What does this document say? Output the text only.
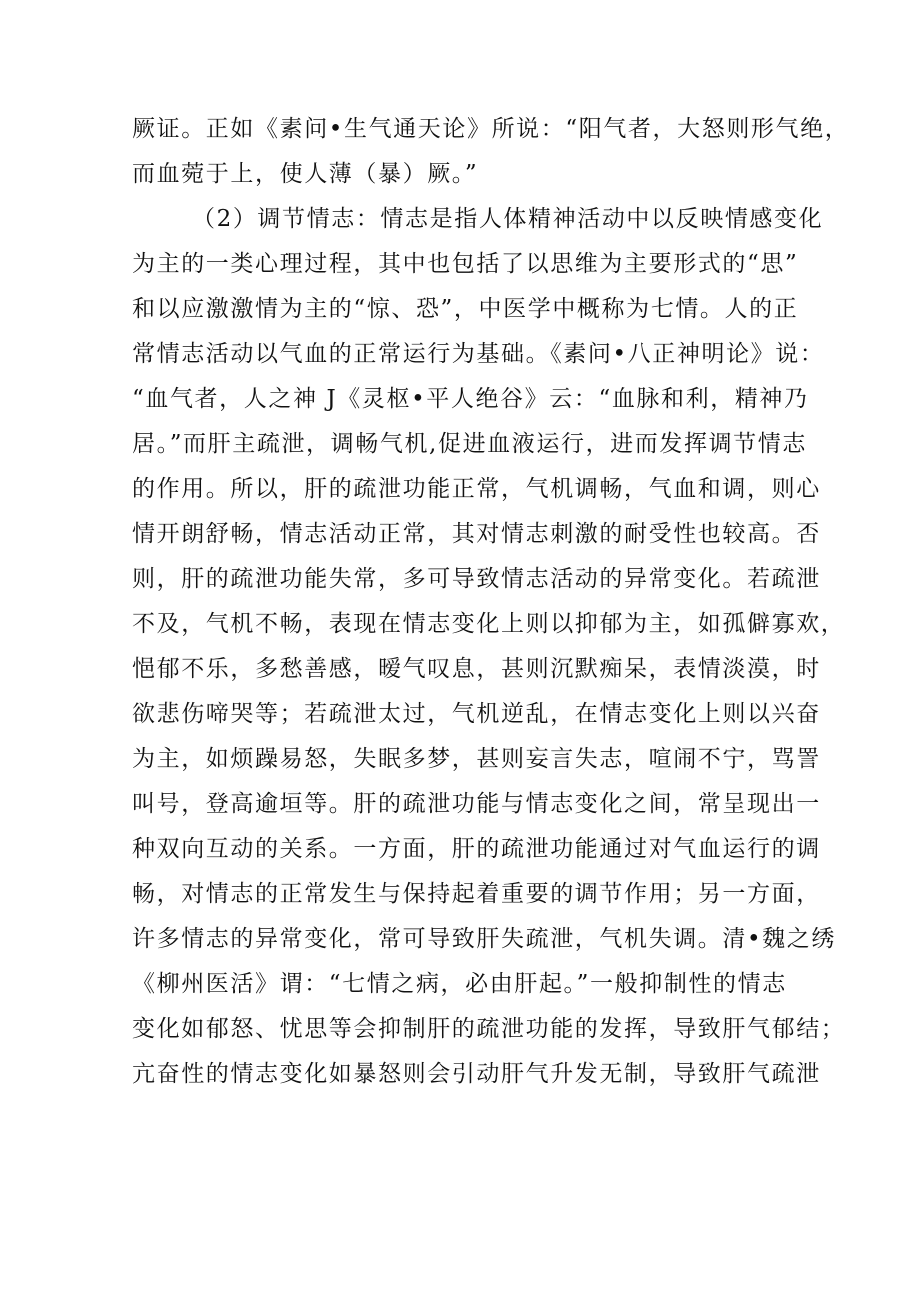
厥证。正如《素问•生气通天论》所说：“阳气者，大怒则形气绝，
而血菀于上，使人薄（暴）厥。”
（2）调节情志：情志是指人体精神活动中以反映情感变化
为主的一类心理过程，其中也包括了以思维为主要形式的“思”
和以应激激情为主的“惊、恐”，中医学中概称为七情。人的正
常情志活动以气血的正常运行为基础。《素问•八正神明论》说：
“血气者，人之神 J《灵枢•平人绝谷》云：“血脉和利，精神乃
居。”而肝主疏泄，调畅气机,促进血液运行，进而发挥调节情志
的作用。所以，肝的疏泄功能正常，气机调畅，气血和调，则心
情开朗舒畅，情志活动正常，其对情志刺激的耐受性也较高。否
则，肝的疏泄功能失常，多可导致情志活动的异常变化。若疏泄
不及，气机不畅，表现在情志变化上则以抑郁为主，如孤僻寡欢，
悒郁不乐，多愁善感，暧气叹息，甚则沉默痴呆，表情淡漠，时
欲悲伤啼哭等；若疏泄太过，气机逆乱，在情志变化上则以兴奋
为主，如烦躁易怒，失眠多梦，甚则妄言失志，喧闹不宁，骂詈
叫号，登高逾垣等。肝的疏泄功能与情志变化之间，常呈现出一
种双向互动的关系。一方面，肝的疏泄功能通过对气血运行的调
畅，对情志的正常发生与保持起着重要的调节作用；另一方面，
许多情志的异常变化，常可导致肝失疏泄，气机失调。清•魏之绣
《柳州医活》谓：“七情之病，必由肝起。”一般抑制性的情志
变化如郁怒、忧思等会抑制肝的疏泄功能的发挥，导致肝气郁结；
亢奋性的情志变化如暴怒则会引动肝气升发无制，导致肝气疏泄
